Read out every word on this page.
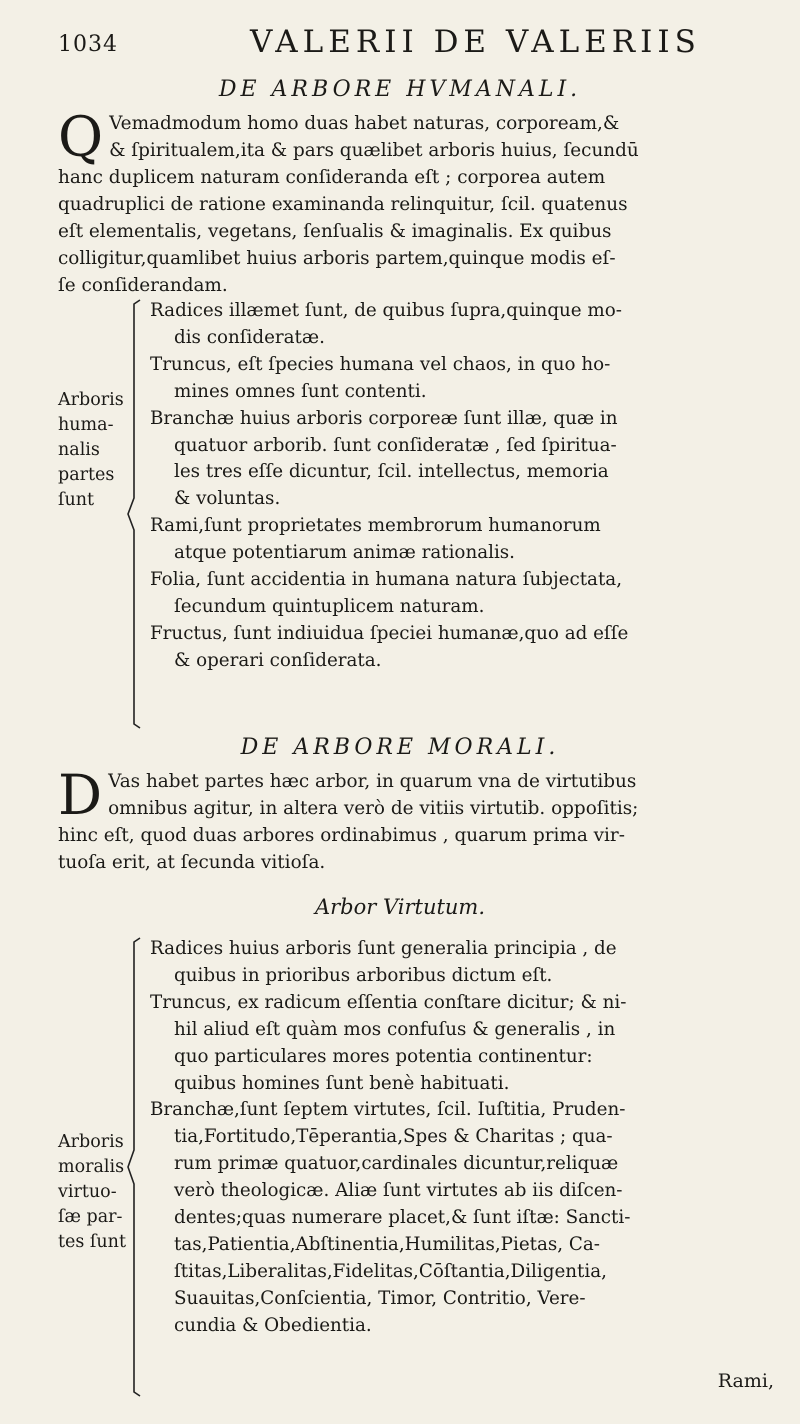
1034	VALERII DE VALERIIS
DE ARBORE HVMANALI.
Q Vemadmodum homo duas habet naturas, corpoream,&
& ſpiritualem,ita & pars quælibet arboris huius, ſecundū
hanc duplicem naturam conſideranda eſt ; corporea autem
quadruplici de ratione examinanda relinquitur, ſcil. quatenus
eſt elementalis, vegetans, ſenſualis & imaginalis. Ex quibus
colligitur,quamlibet huius arboris partem,quinque modis eſ-
ſe conſiderandam.
Arboris
huma-
nalis
partes
ſunt
Radices illæmet ſunt, de quibus ſupra,quinque mo-
dis conſideratæ.
Truncus, eſt ſpecies humana vel chaos, in quo ho-
mines omnes ſunt contenti.
Branchæ huius arboris corporeæ ſunt illæ, quæ in
quatuor arborib. ſunt conſideratæ , ſed ſpiritua-
les tres eſſe dicuntur, ſcil. intellectus, memoria
& voluntas.
Rami,ſunt proprietates membrorum humanorum
atque potentiarum animæ rationalis.
Folia, ſunt accidentia in humana natura ſubjectata,
ſecundum quintuplicem naturam.
Fructus, ſunt indiuidua ſpeciei humanæ,quo ad eſſe
& operari conſiderata.
DE ARBORE MORALI.
D Vas habet partes hæc arbor, in quarum vna de virtutibus
omnibus agitur, in altera verò de vitiis virtutib. oppoſitis;
hinc eſt, quod duas arbores ordinabimus , quarum prima vir-
tuoſa erit, at ſecunda vitioſa.
Arbor Virtutum.
Arboris
moralis
virtuo-
ſæ par-
tes ſunt
Radices huius arboris ſunt generalia principia , de
quibus in prioribus arboribus dictum eſt.
Truncus, ex radicum eſſentia conſtare dicitur; & ni-
hil aliud eſt quàm mos confuſus & generalis , in
quo particulares mores potentia continentur:
quibus homines ſunt benè habituati.
Branchæ,ſunt ſeptem virtutes, ſcil. Iuſtitia, Pruden-
tia,Fortitudo,Tēperantia,Spes & Charitas ; qua-
rum primæ quatuor,cardinales dicuntur,reliquæ
verò theologicæ. Aliæ ſunt virtutes ab iis diſcen-
dentes;quas numerare placet,& ſunt iſtæ: Sancti-
tas,Patientia,Abſtinentia,Humilitas,Pietas, Ca-
ſtitas,Liberalitas,Fidelitas,Cōſtantia,Diligentia,
Suauitas,Conſcientia, Timor, Contritio, Vere-
cundia & Obedientia.
Rami,
